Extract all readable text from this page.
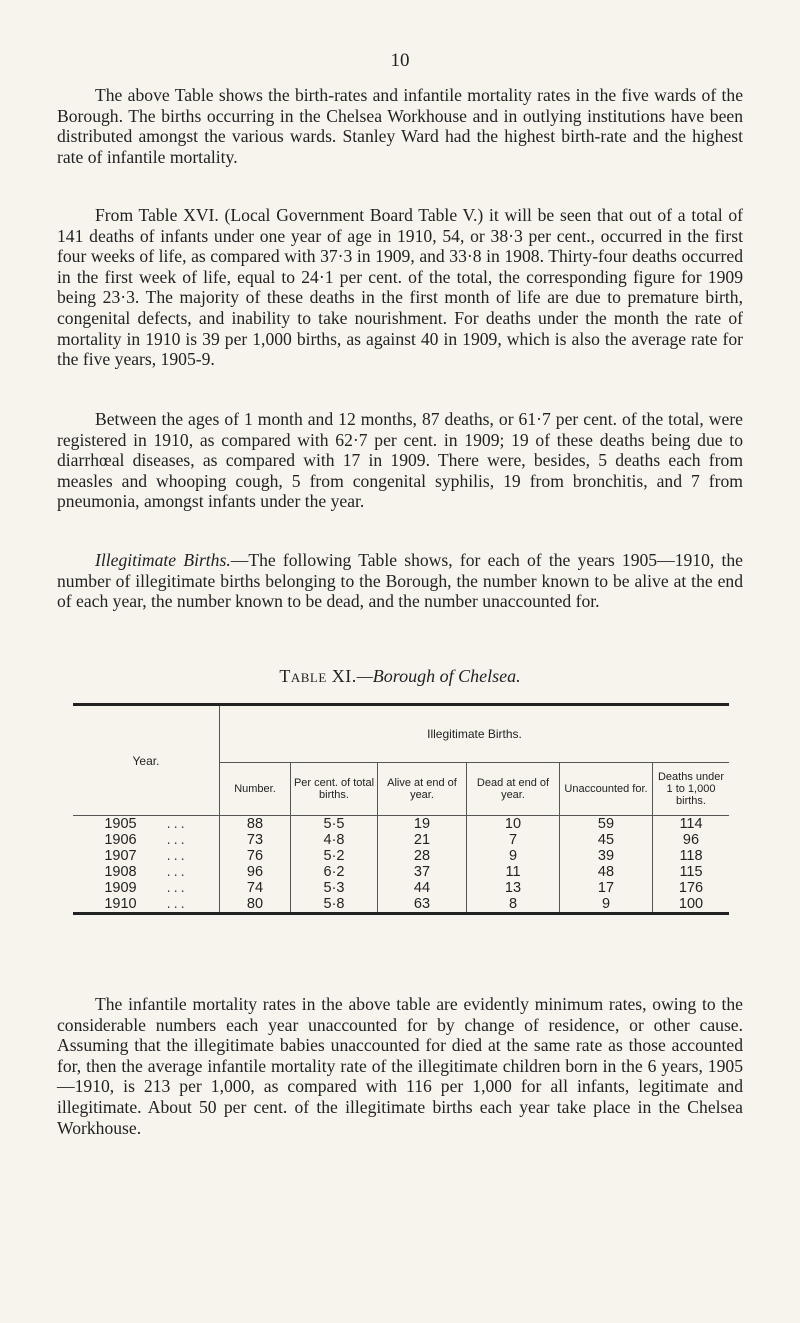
10

The above Table shows the birth-rates and infantile mortality rates in the five wards of the Borough. The births occurring in the Chelsea Workhouse and in outlying institutions have been distributed amongst the various wards. Stanley Ward had the highest birth-rate and the highest rate of infantile mortality.

From Table XVI. (Local Government Board Table V.) it will be seen that out of a total of 141 deaths of infants under one year of age in 1910, 54, or 38·3 per cent., occurred in the first four weeks of life, as compared with 37·3 in 1909, and 33·8 in 1908. Thirty-four deaths occurred in the first week of life, equal to 24·1 per cent. of the total, the corresponding figure for 1909 being 23·3. The majority of these deaths in the first month of life are due to premature birth, congenital defects, and inability to take nourishment. For deaths under the month the rate of mortality in 1910 is 39 per 1,000 births, as against 40 in 1909, which is also the average rate for the five years, 1905-9.

Between the ages of 1 month and 12 months, 87 deaths, or 61·7 per cent. of the total, were registered in 1910, as compared with 62·7 per cent. in 1909; 19 of these deaths being due to diarrhœal diseases, as compared with 17 in 1909. There were, besides, 5 deaths each from measles and whooping cough, 5 from congenital syphilis, 19 from bronchitis, and 7 from pneumonia, amongst infants under the year.

Illegitimate Births.—The following Table shows, for each of the years 1905—1910, the number of illegitimate births belonging to the Borough, the number known to be alive at the end of each year, the number known to be dead, and the number unaccounted for.

Table XI.—Borough of Chelsea.
Year.	Illegitimate Births.					
	Number.	Per cent. of total births.	Alive at end of year.	Dead at end of year.	Unaccounted for.	Deaths under 1 to 1,000 births.
1905 ...	88	5·5	19	10	59	114
1906 ...	73	4·8	21	7	45	96
1907 ...	76	5·2	28	9	39	118
1908 ...	96	6·2	37	11	48	115
1909 ...	74	5·3	44	13	17	176
1910 ...	80	5·8	63	8	9	100

The infantile mortality rates in the above table are evidently minimum rates, owing to the considerable numbers each year unaccounted for by change of residence, or other cause. Assuming that the illegitimate babies unaccounted for died at the same rate as those accounted for, then the average infantile mortality rate of the illegitimate children born in the 6 years, 1905—1910, is 213 per 1,000, as compared with 116 per 1,000 for all infants, legitimate and illegitimate. About 50 per cent. of the illegitimate births each year take place in the Chelsea Workhouse.
